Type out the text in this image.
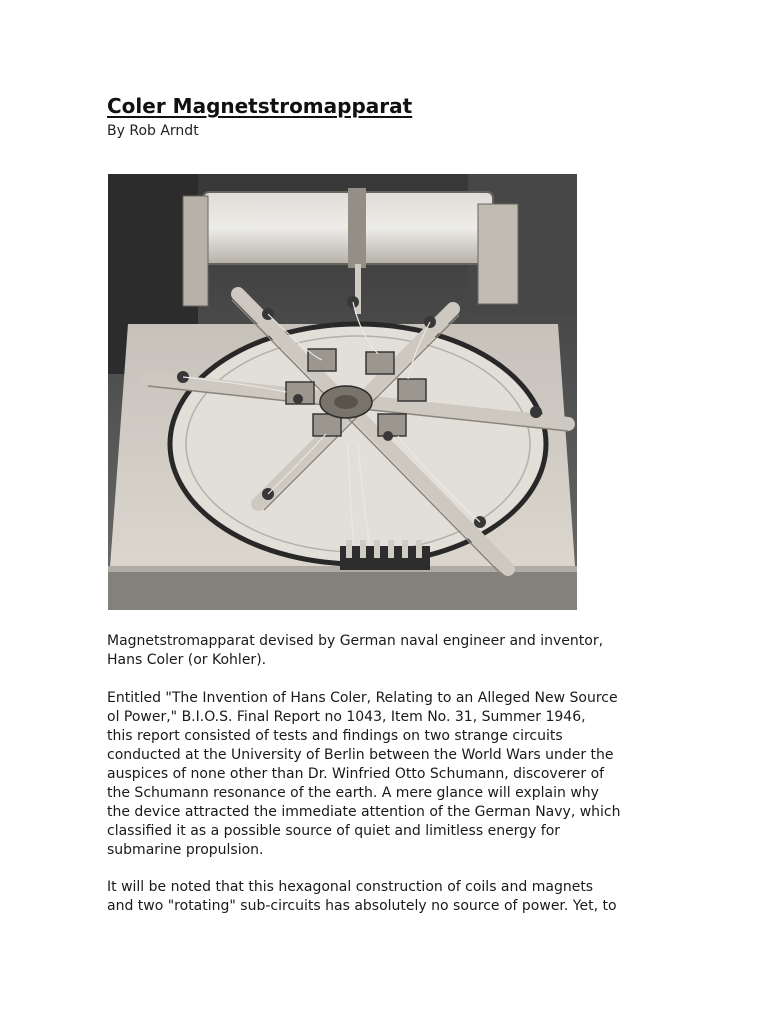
Coler Magnetstromapparat

By Rob Arndt

Magnetstromapparat devised by German naval engineer and inventor,
Hans Coler (or Kohler).

Entitled "The Invention of Hans Coler, Relating to an Alleged New Source
ol Power," B.I.O.S. Final Report no 1043, Item No. 31, Summer 1946,
this report consisted of tests and findings on two strange circuits
conducted at the University of Berlin between the World Wars under the
auspices of none other than Dr. Winfried Otto Schumann, discoverer of
the Schumann resonance of the earth. A mere glance will explain why
the device attracted the immediate attention of the German Navy, which
classified it as a possible source of quiet and limitless energy for
submarine propulsion.

It will be noted that this hexagonal construction of coils and magnets
and two "rotating" sub-circuits has absolutely no source of power. Yet, to
